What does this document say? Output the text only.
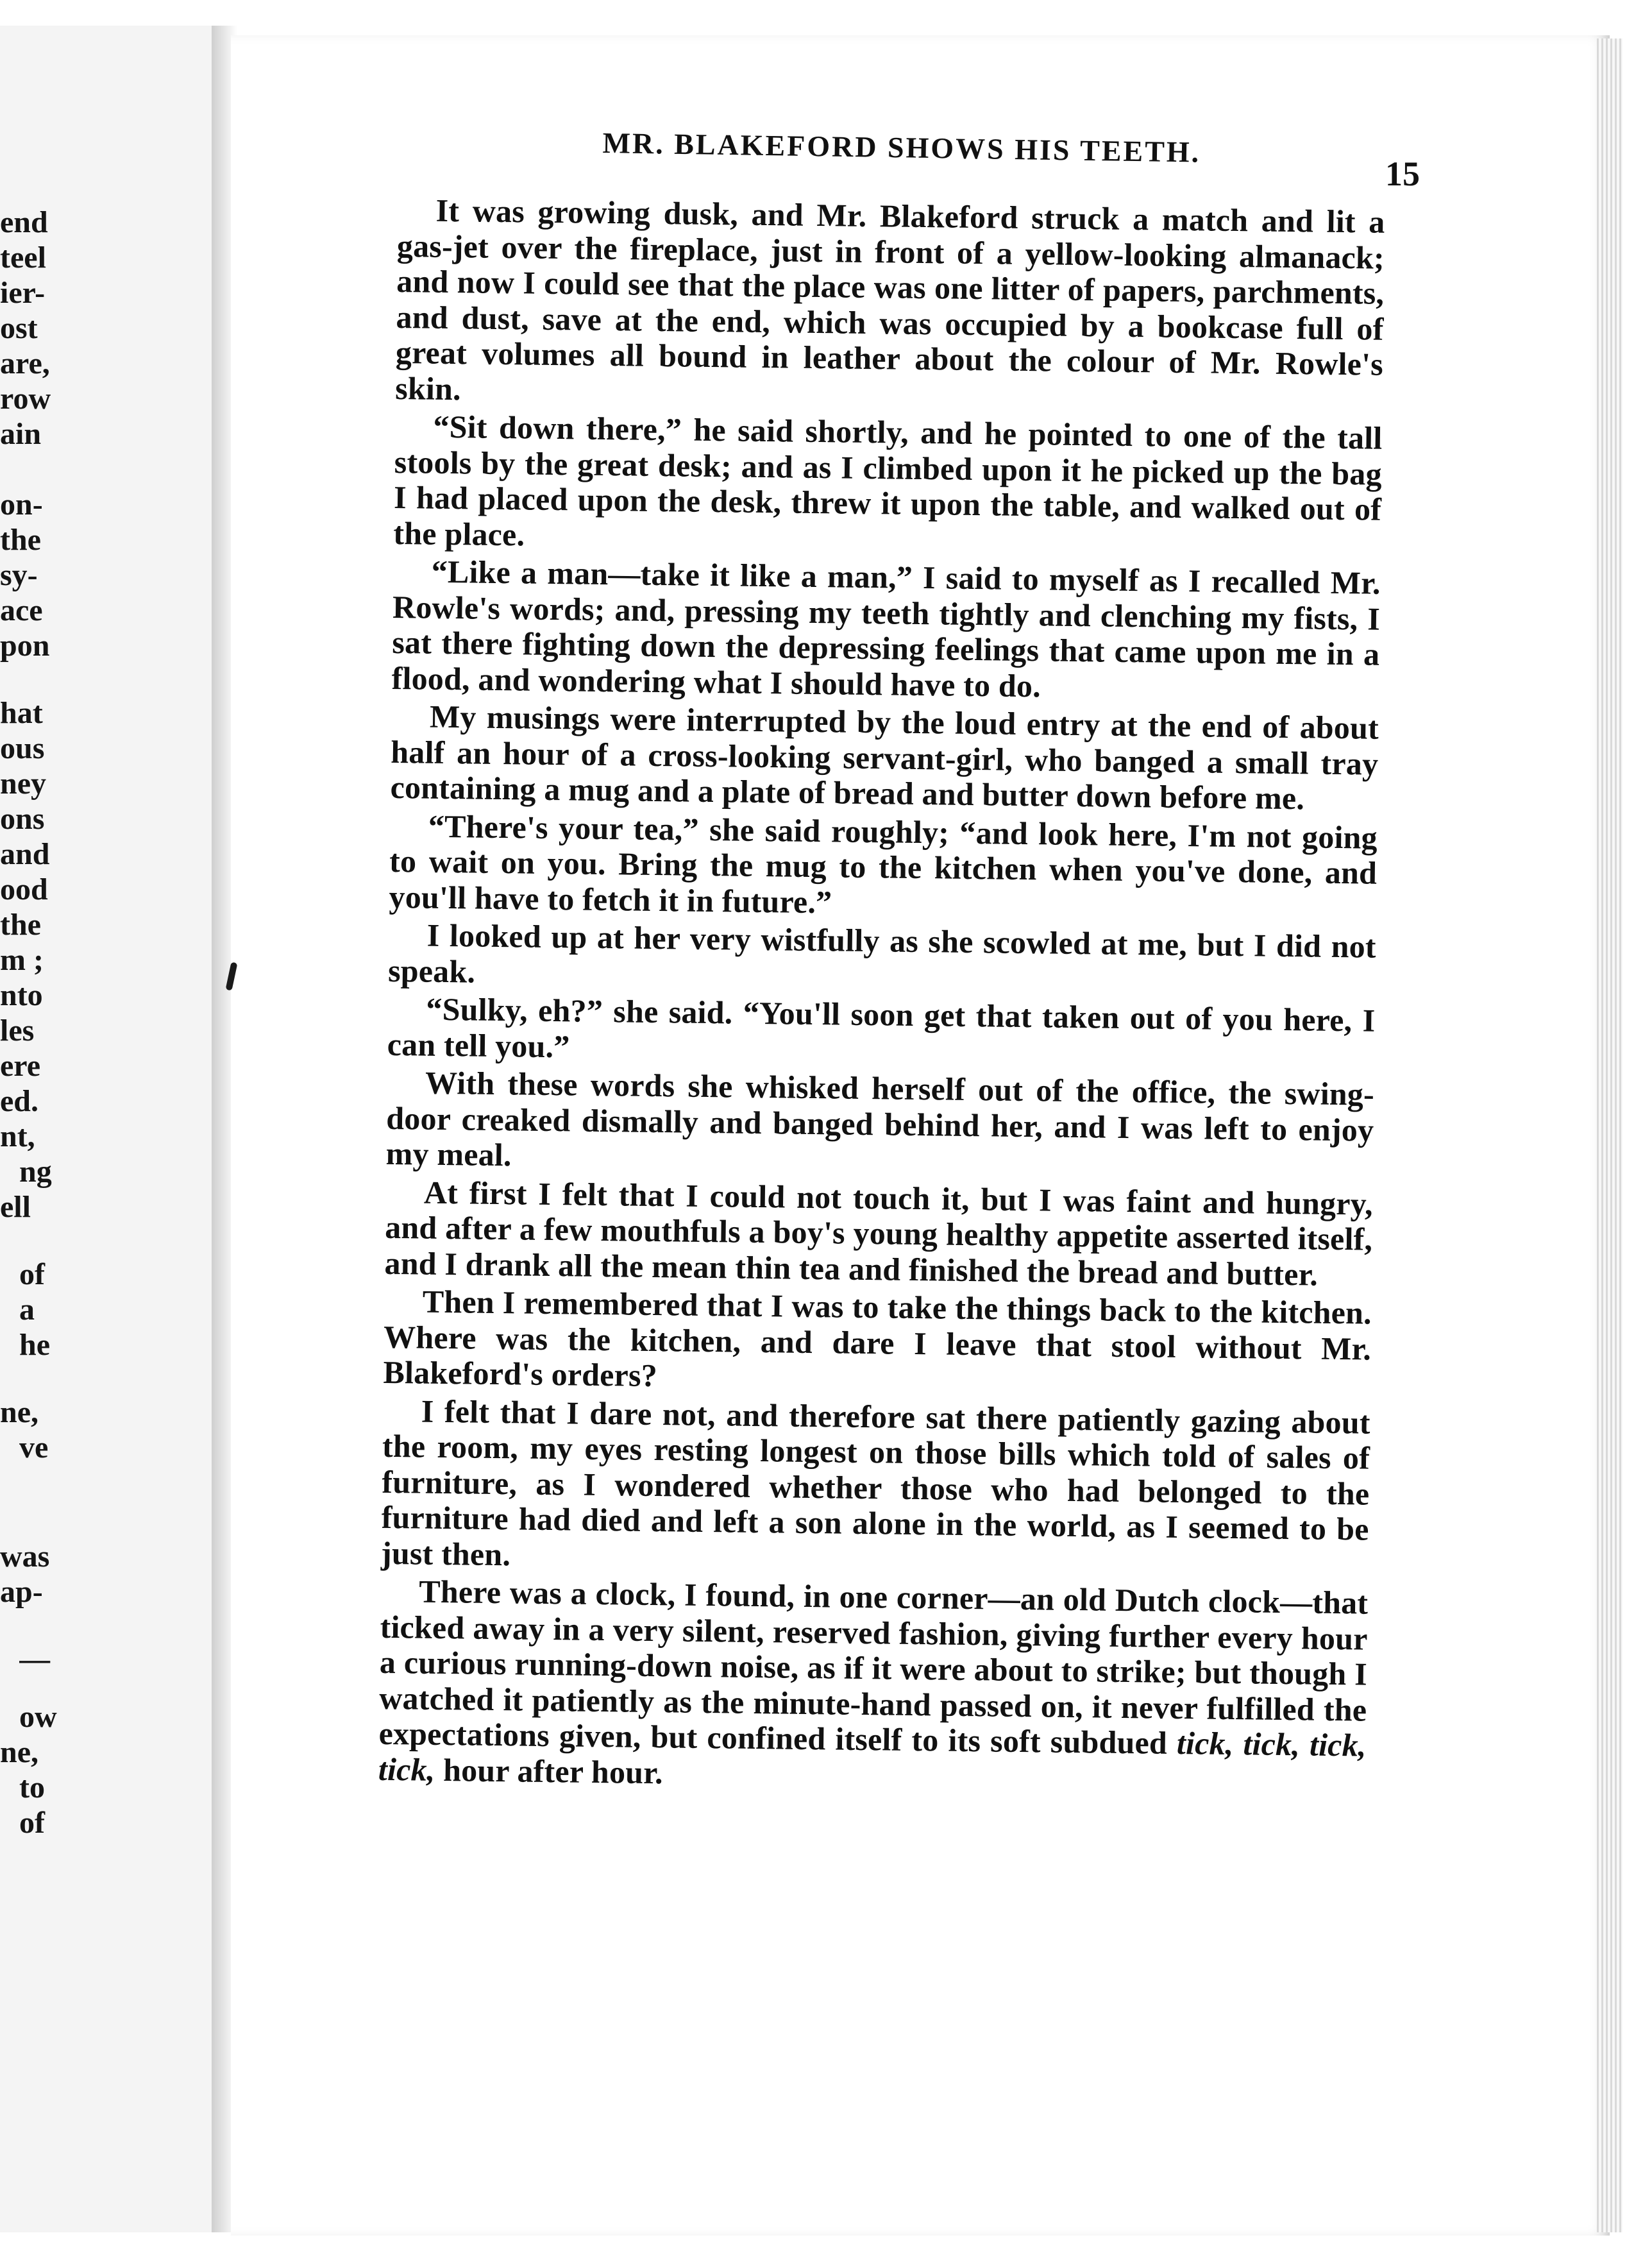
end
teel
ier-
ost
are,
row
ain
on-
the
sy-
ace
pon
hat
ous
ney
ons
and
ood
the
m ;
nto
les
ere
ed.
nt,
ng
ell
of
a
he
ne,
ve
was
ap-
—
ow
ne,
to
of
MR. BLAKEFORD SHOWS HIS TEETH.
15

It was growing dusk, and Mr. Blakeford struck a match and lit a gas-jet over the fireplace, just in front of a yellow-looking almanack; and now I could see that the place was one litter of papers, parchments, and dust, save at the end, which was occupied by a bookcase full of great volumes all bound in leather about the colour of Mr. Rowle's skin.

“Sit down there,” he said shortly, and he pointed to one of the tall stools by the great desk; and as I climbed upon it he picked up the bag I had placed upon the desk, threw it upon the table, and walked out of the place.

“Like a man—take it like a man,” I said to myself as I recalled Mr. Rowle's words; and, pressing my teeth tightly and clenching my fists, I sat there fighting down the depressing feelings that came upon me in a flood, and wondering what I should have to do.

My musings were interrupted by the loud entry at the end of about half an hour of a cross-looking servant-girl, who banged a small tray containing a mug and a plate of bread and butter down before me.

“There's your tea,” she said roughly; “and look here, I'm not going to wait on you. Bring the mug to the kitchen when you've done, and you'll have to fetch it in future.”

I looked up at her very wistfully as she scowled at me, but I did not speak.

“Sulky, eh?” she said. “You'll soon get that taken out of you here, I can tell you.”

With these words she whisked herself out of the office, the swing-door creaked dismally and banged behind her, and I was left to enjoy my meal.

At first I felt that I could not touch it, but I was faint and hungry, and after a few mouthfuls a boy's young healthy appetite asserted itself, and I drank all the mean thin tea and finished the bread and butter.

Then I remembered that I was to take the things back to the kitchen. Where was the kitchen, and dare I leave that stool without Mr. Blakeford's orders?

I felt that I dare not, and therefore sat there patiently gazing about the room, my eyes resting longest on those bills which told of sales of furniture, as I wondered whether those who had belonged to the furniture had died and left a son alone in the world, as I seemed to be just then.

There was a clock, I found, in one corner—an old Dutch clock—that ticked away in a very silent, reserved fashion, giving further every hour a curious running-down noise, as if it were about to strike; but though I watched it patiently as the minute-hand passed on, it never fulfilled the expectations given, but confined itself to its soft subdued tick, tick, tick, tick, hour after hour.
